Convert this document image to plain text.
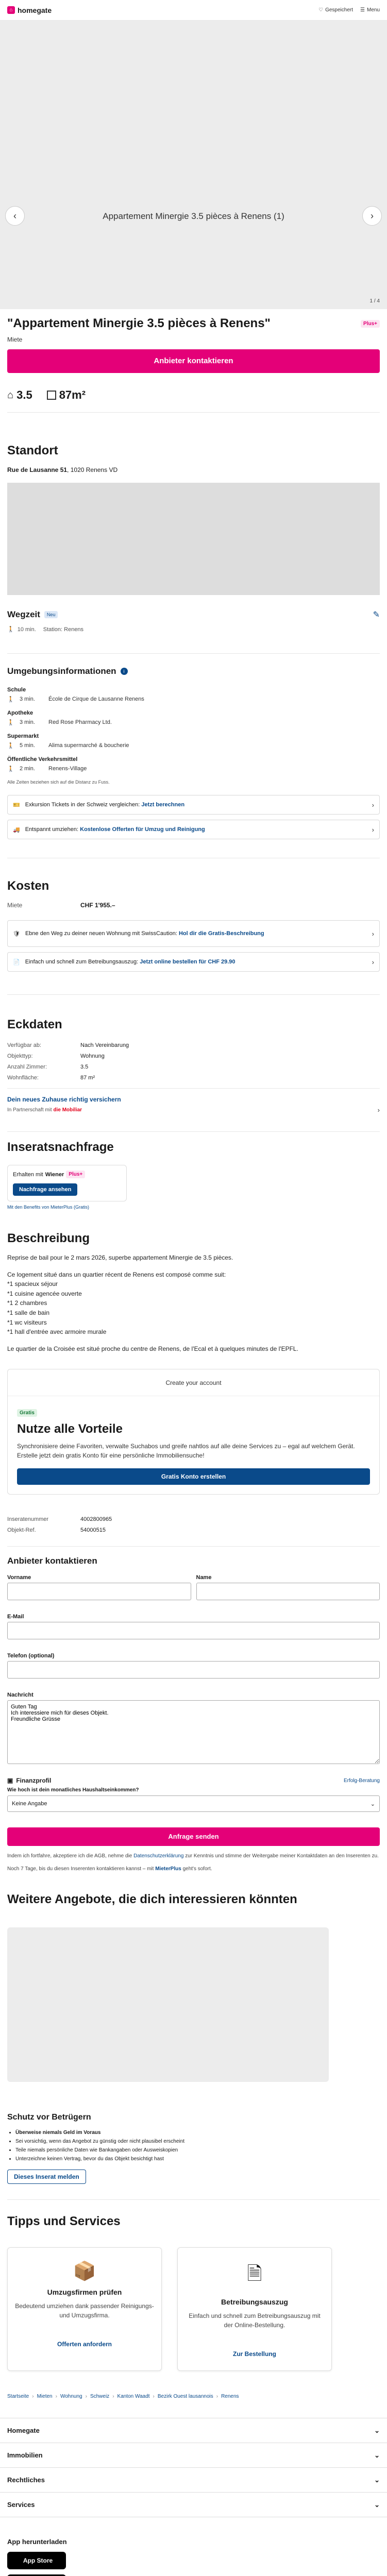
⌂ homegate	♡ Gespeichert ☰ Menu
‹	Appartement Minergie 3.5 pièces à Renens (1)	›
1 / 4
"Appartement Minergie 3.5 pièces à Renens"	Plus+
Miete
Anbieter kontaktieren
⌂ 3.5 87m²
Standort
Rue de Lausanne 51, 1020 Renens VD
Wegzeit	Neu	✎
🚶 10 min. Station: Renens
Umgebungsinformationen	i
Schule
🚶 3 min.	École de Cirque de Lausanne Renens
Apotheke
🚶 3 min.	Red Rose Pharmacy Ltd.
Supermarkt
🚶 5 min.	Alima supermarché & boucherie
Öffentliche Verkehrsmittel
🚶 2 min.	Renens-Village
Alle Zeiten beziehen sich auf die Distanz zu Fuss.
🎫 Exkursion Tickets in der Schweiz vergleichen: Jetzt berechnen	›
🚚 Entspannt umziehen: Kostenlose Offerten für Umzug und Reinigung	›
Kosten
Miete	CHF 1'955.–
🛡 Ebne den Weg zu deiner neuen Wohnung mit SwissCaution: Hol dir die Gratis-Beschreibung	›
📄 Einfach und schnell zum Betreibungsauszug: Jetzt online bestellen für CHF 29.90	›
Eckdaten
Verfügbar ab:	Nach Vereinbarung
Objekttyp:	Wohnung
Anzahl Zimmer:	3.5
Wohnfläche:	87 m²
Dein neues Zuhause richtig versichern
In Partnerschaft mit die Mobiliar	›
Inseratsnachfrage
Erhalten mit Wiener Plus+
Nachfrage ansehen
Mit den Benefits von MieterPlus (Gratis)
Beschreibung

Reprise de bail pour le 2 mars 2026, superbe appartement Minergie de 3.5 pièces.

Ce logement situé dans un quartier récent de Renens est composé comme suit:
*1 spacieux séjour
*1 cuisine agencée ouverte
*1 2 chambres
*1 salle de bain
*1 wc visiteurs
*1 hall d'entrée avec armoire murale

Le quartier de la Croisée est situé proche du centre de Renens, de l'Ecal et à quelques minutes de l'EPFL.

Create your account
Gratis
Nutze alle Vorteile
Synchronisiere deine Favoriten, verwalte Suchabos und greife nahtlos auf alle deine Services zu – egal auf welchem Gerät. Erstelle jetzt dein gratis Konto für eine persönliche Immobiliensuche!
Gratis Konto erstellen
Inseratenummer	4002800965
Objekt-Ref.	54000515
Anbieter kontaktieren
Vorname	Name
E-Mail
Telefon (optional)
Nachricht
Guten Tag Ich interessiere mich für dieses Objekt. Freundliche Grüsse
▣ Finanzprofil	Erfolg-Beratung
Wie hoch ist dein monatliches Haushaltseinkommen?
Keine Angabe	⌄
Anfrage senden
Indem ich fortfahre, akzeptiere ich die AGB, nehme die Datenschutzerklärung zur Kenntnis und stimme der Weitergabe meiner Kontaktdaten an den Inserenten zu.
Noch 7 Tage, bis du diesen Inserenten kontaktieren kannst – mit MieterPlus geht's sofort.
Weitere Angebote, die dich interessieren könnten
Schutz vor Betrügern
• Überweise niemals Geld im Voraus
• Sei vorsichtig, wenn das Angebot zu günstig oder nicht plausibel erscheint
• Teile niemals persönliche Daten wie Bankangaben oder Ausweiskopien
• Unterzeichne keinen Vertrag, bevor du das Objekt besichtigt hast
Dieses Inserat melden
Tipps und Services
📦
Umzugsfirmen prüfen
Bedeutend umziehen dank passender Reinigungs- und Umzugsfirma.
Offerten anfordern
🗎
Betreibungsauszug
Einfach und schnell zum Betreibungsauszug mit der Online-Bestellung.
Zur Bestellung
Startseite › Mieten › Wohnung › Schweiz › Kanton Waadt › Bezirk Ouest lausannois › Renens
Homegate	⌄
Immobilien	⌄
Rechtliches	⌄
Services	⌄
App herunterladen
App Store
